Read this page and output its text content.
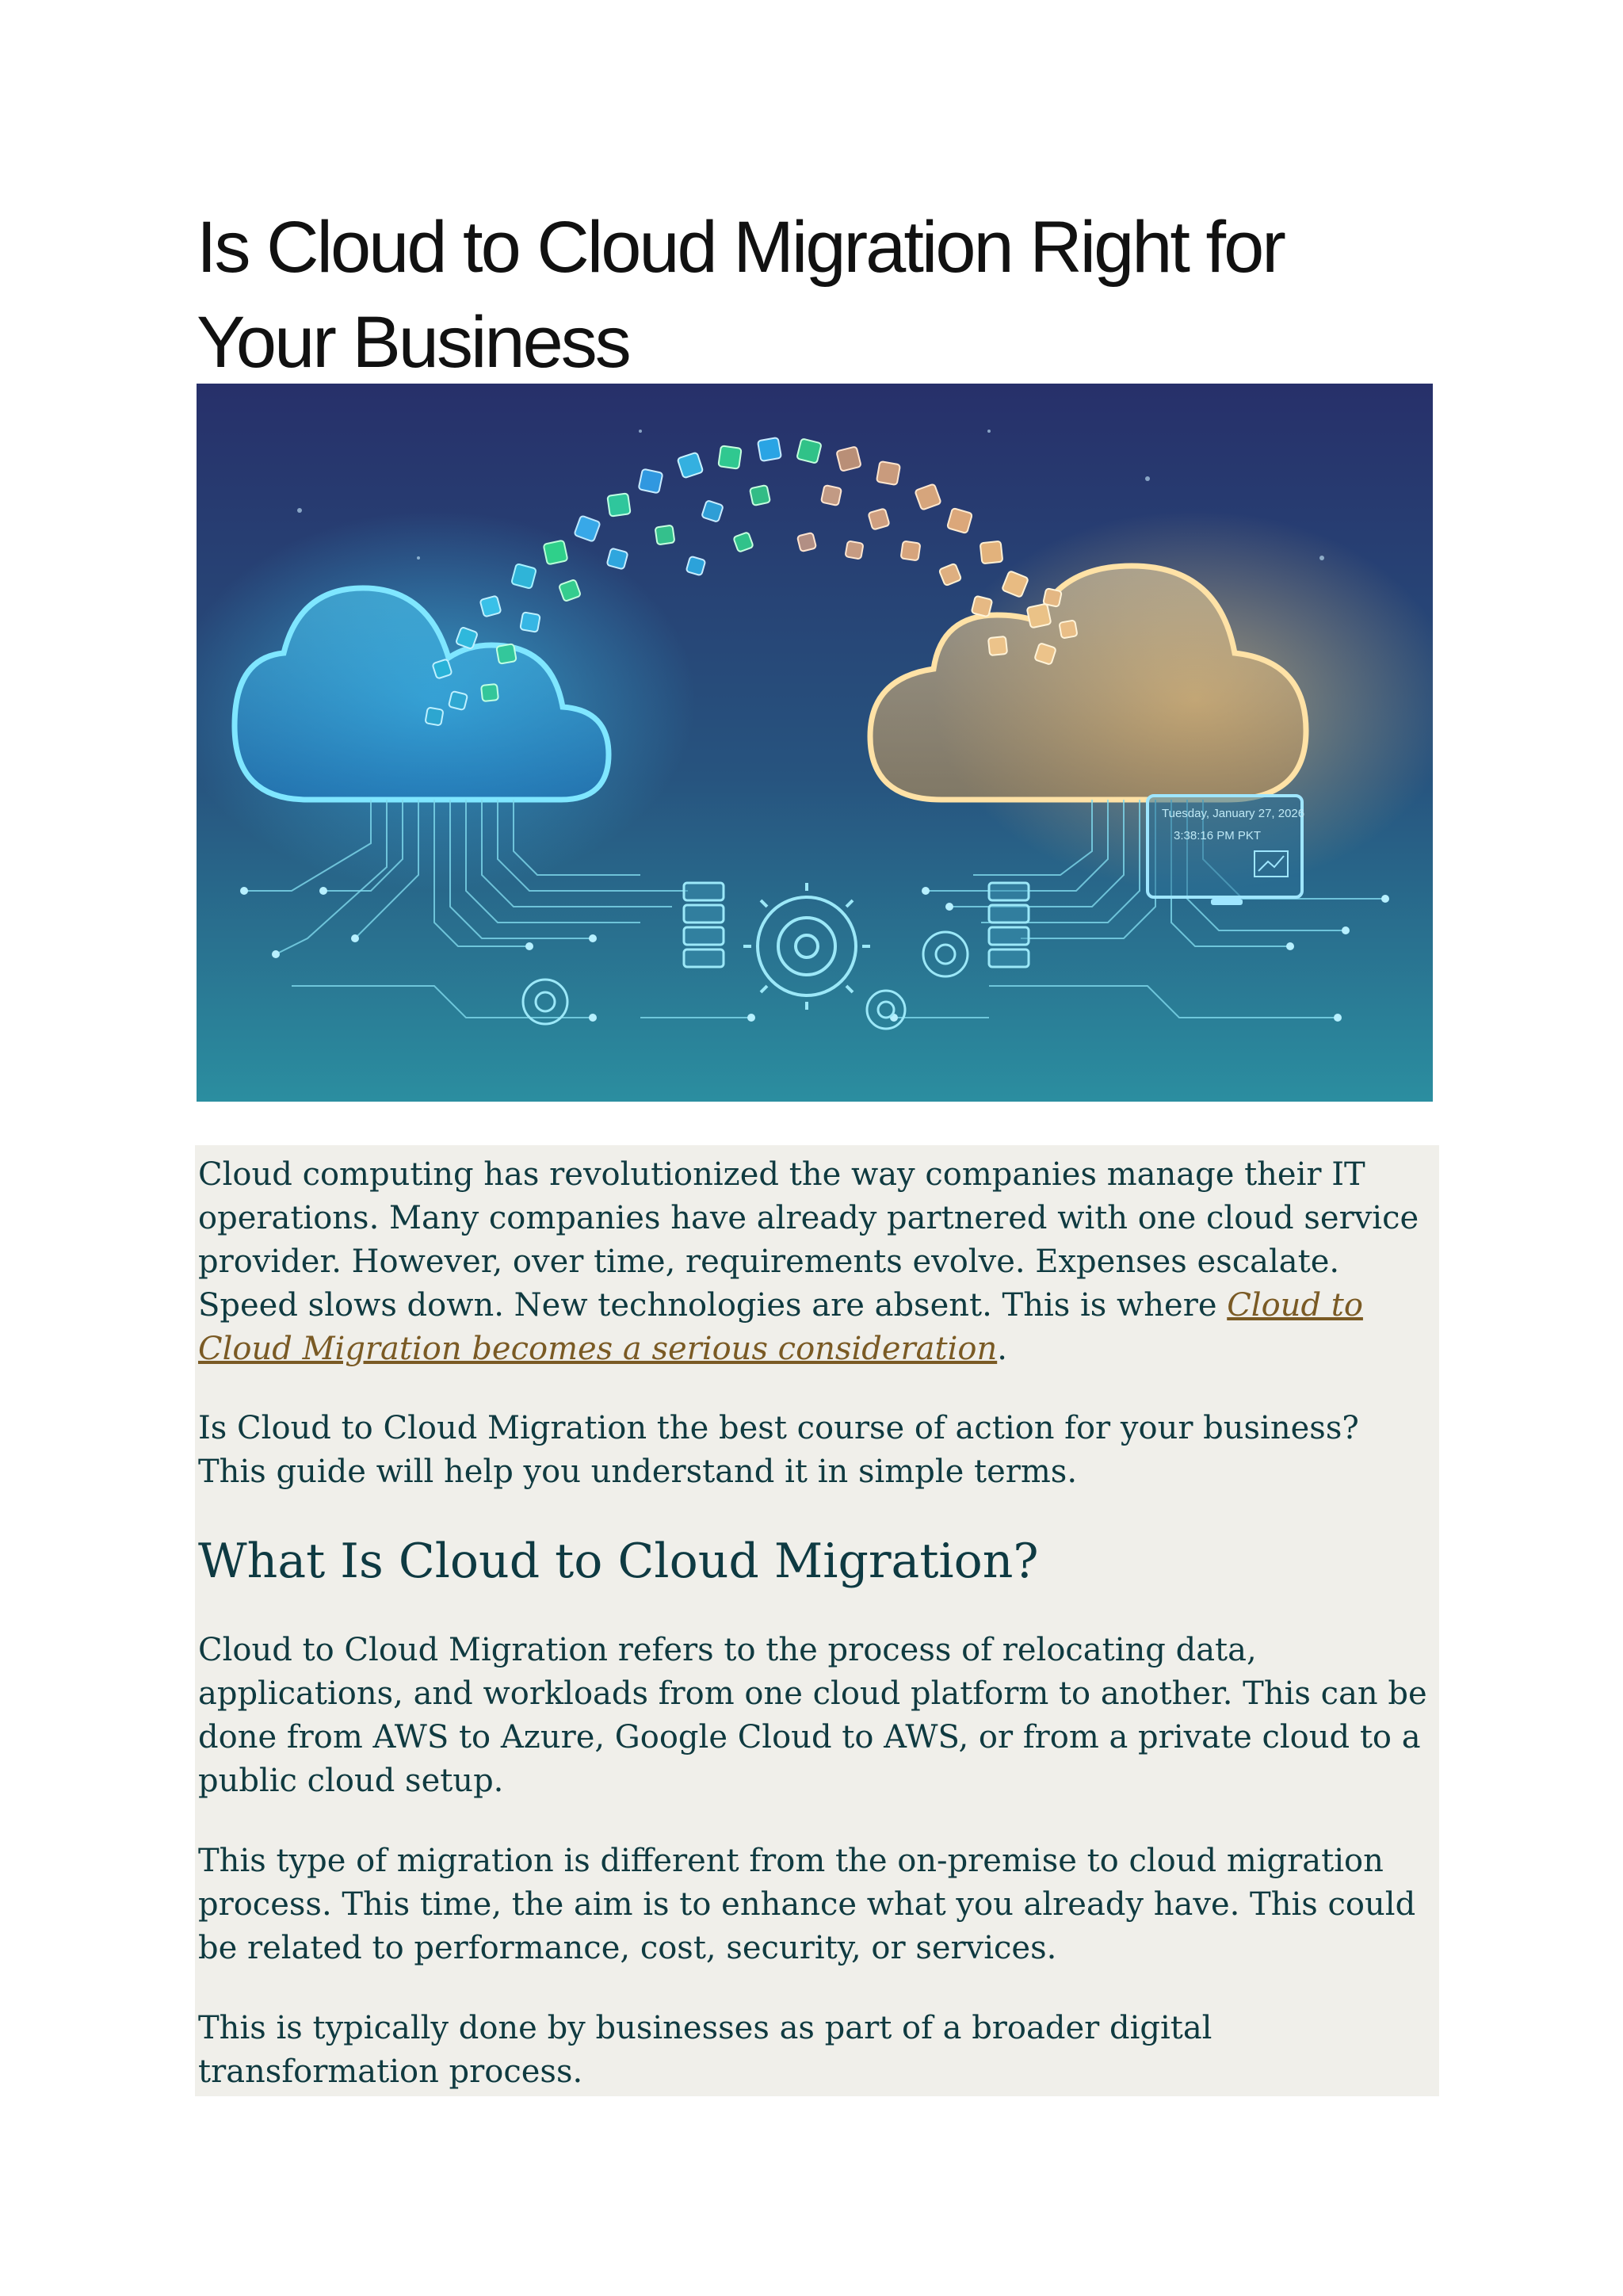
Is Cloud to Cloud Migration Right for
Your Business
Tuesday, January 27, 2026
3:38:16 PM PKT

Cloud computing has revolutionized the way companies manage their IT operations. Many companies have already partnered with one cloud service provider. However, over time, requirements evolve. Expenses escalate. Speed slows down. New technologies are absent. This is where Cloud to Cloud Migration becomes a serious consideration.

Is Cloud to Cloud Migration the best course of action for your business? This guide will help you understand it in simple terms.

What Is Cloud to Cloud Migration?

Cloud to Cloud Migration refers to the process of relocating data, applications, and workloads from one cloud platform to another. This can be done from AWS to Azure, Google Cloud to AWS, or from a private cloud to a public cloud setup.

This type of migration is different from the on-premise to cloud migration process. This time, the aim is to enhance what you already have. This could be related to performance, cost, security, or services.

This is typically done by businesses as part of a broader digital transformation process.
